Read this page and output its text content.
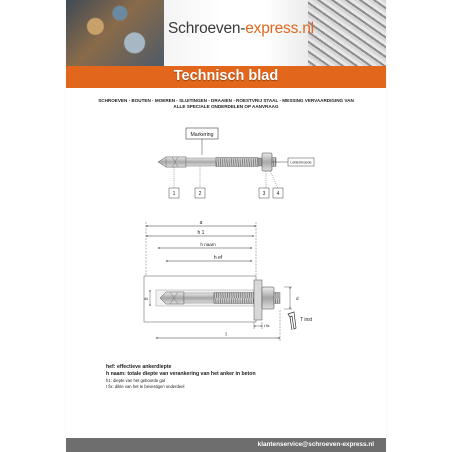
Schroeven-express.nl
Technisch blad
SCHROEVEN - BOUTEN - MOEREN - SLUITINGEN - DRAAIEN - ROESTVRIJ STAAL - MESSING VERVAARDIGING VAN
ALLE SPECIALE ONDERDELEN OP AANVRAAG
Markering
Lettermoede
1	2	3 4
a
h 1
h naam
h ef
d0	d
t fix
T inst
l
hef: effectieve ankerdiepte
h naam: totale diepte van verankering van het anker in beton
h1: diepte van het geboorde gat
t fix: dikte van het te bevestigen onderdeel
klantenservice@schroeven-express.nl
